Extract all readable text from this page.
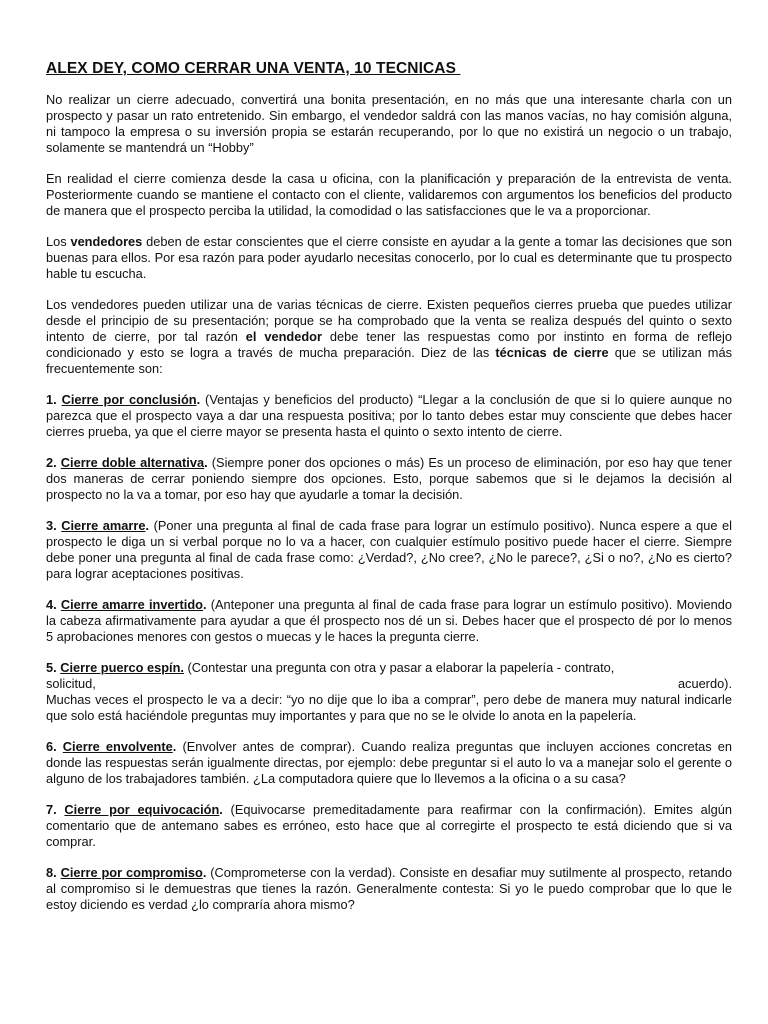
ALEX DEY, COMO CERRAR UNA VENTA, 10 TECNICAS

No realizar un cierre adecuado, convertirá una bonita presentación, en no más que una interesante charla con un prospecto y pasar un rato entretenido. Sin embargo, el vendedor saldrá con las manos vacías, no hay comisión alguna, ni tampoco la empresa o su inversión propia se estarán recuperando, por lo que no existirá un negocio o un trabajo, solamente se mantendrá un “Hobby”

En realidad el cierre comienza desde la casa u oficina, con la planificación y preparación de la entrevista de venta. Posteriormente cuando se mantiene el contacto con el cliente, validaremos con argumentos los beneficios del producto de manera que el prospecto perciba la utilidad, la comodidad o las satisfacciones que le va a proporcionar.

Los vendedores deben de estar conscientes que el cierre consiste en ayudar a la gente a tomar las decisiones que son buenas para ellos. Por esa razón para poder ayudarlo necesitas conocerlo, por lo cual es determinante que tu prospecto hable tu escucha.

Los vendedores pueden utilizar una de varias técnicas de cierre. Existen pequeños cierres prueba que puedes utilizar desde el principio de su presentación; porque se ha comprobado que la venta se realiza después del quinto o sexto intento de cierre, por tal razón el vendedor debe tener las respuestas como por instinto en forma de reflejo condicionado y esto se logra a través de mucha preparación. Diez de las técnicas de cierre que se utilizan más frecuentemente son:

1. Cierre por conclusión. (Ventajas y beneficios del producto) “Llegar a la conclusión de que si lo quiere aunque no parezca que el prospecto vaya a dar una respuesta positiva; por lo tanto debes estar muy consciente que debes hacer cierres prueba, ya que el cierre mayor se presenta hasta el quinto o sexto intento de cierre.

2. Cierre doble alternativa. (Siempre poner dos opciones o más) Es un proceso de eliminación, por eso hay que tener dos maneras de cerrar poniendo siempre dos opciones. Esto, porque sabemos que si le dejamos la decisión al prospecto no la va a tomar, por eso hay que ayudarle a tomar la decisión.

3. Cierre amarre. (Poner una pregunta al final de cada frase para lograr un estímulo positivo). Nunca espere a que el prospecto le diga un si verbal porque no lo va a hacer, con cualquier estímulo positivo puede hacer el cierre. Siempre debe poner una pregunta al final de cada frase como: ¿Verdad?, ¿No cree?, ¿No le parece?, ¿Si o no?, ¿No es cierto? para lograr aceptaciones positivas.

4. Cierre amarre invertido. (Anteponer una pregunta al final de cada frase para lograr un estímulo positivo). Moviendo la cabeza afirmativamente para ayudar a que él prospecto nos dé un si. Debes hacer que el prospecto dé por lo menos 5 aprobaciones menores con gestos o muecas y le haces la pregunta cierre.

5. Cierre puerco espín. (Contestar una pregunta con otra y pasar a elaborar la papelería - contrato,

solicitud,	acuerdo).

Muchas veces el prospecto le va a decir: “yo no dije que lo iba a comprar”, pero debe de manera muy natural indicarle que solo está haciéndole preguntas muy importantes y para que no se le olvide lo anota en la papelería.

6. Cierre envolvente. (Envolver antes de comprar). Cuando realiza preguntas que incluyen acciones concretas en donde las respuestas serán igualmente directas, por ejemplo: debe preguntar si el auto lo va a manejar solo el gerente o alguno de los trabajadores también. ¿La computadora quiere que lo llevemos a la oficina o a su casa?

7. Cierre por equivocación. (Equivocarse premeditadamente para reafirmar con la confirmación). Emites algún comentario que de antemano sabes es erróneo, esto hace que al corregirte el prospecto te está diciendo que si va comprar.

8. Cierre por compromiso. (Comprometerse con la verdad). Consiste en desafiar muy sutilmente al prospecto, retando al compromiso si le demuestras que tienes la razón. Generalmente contesta: Si yo le puedo comprobar que lo que le estoy diciendo es verdad ¿lo compraría ahora mismo?
